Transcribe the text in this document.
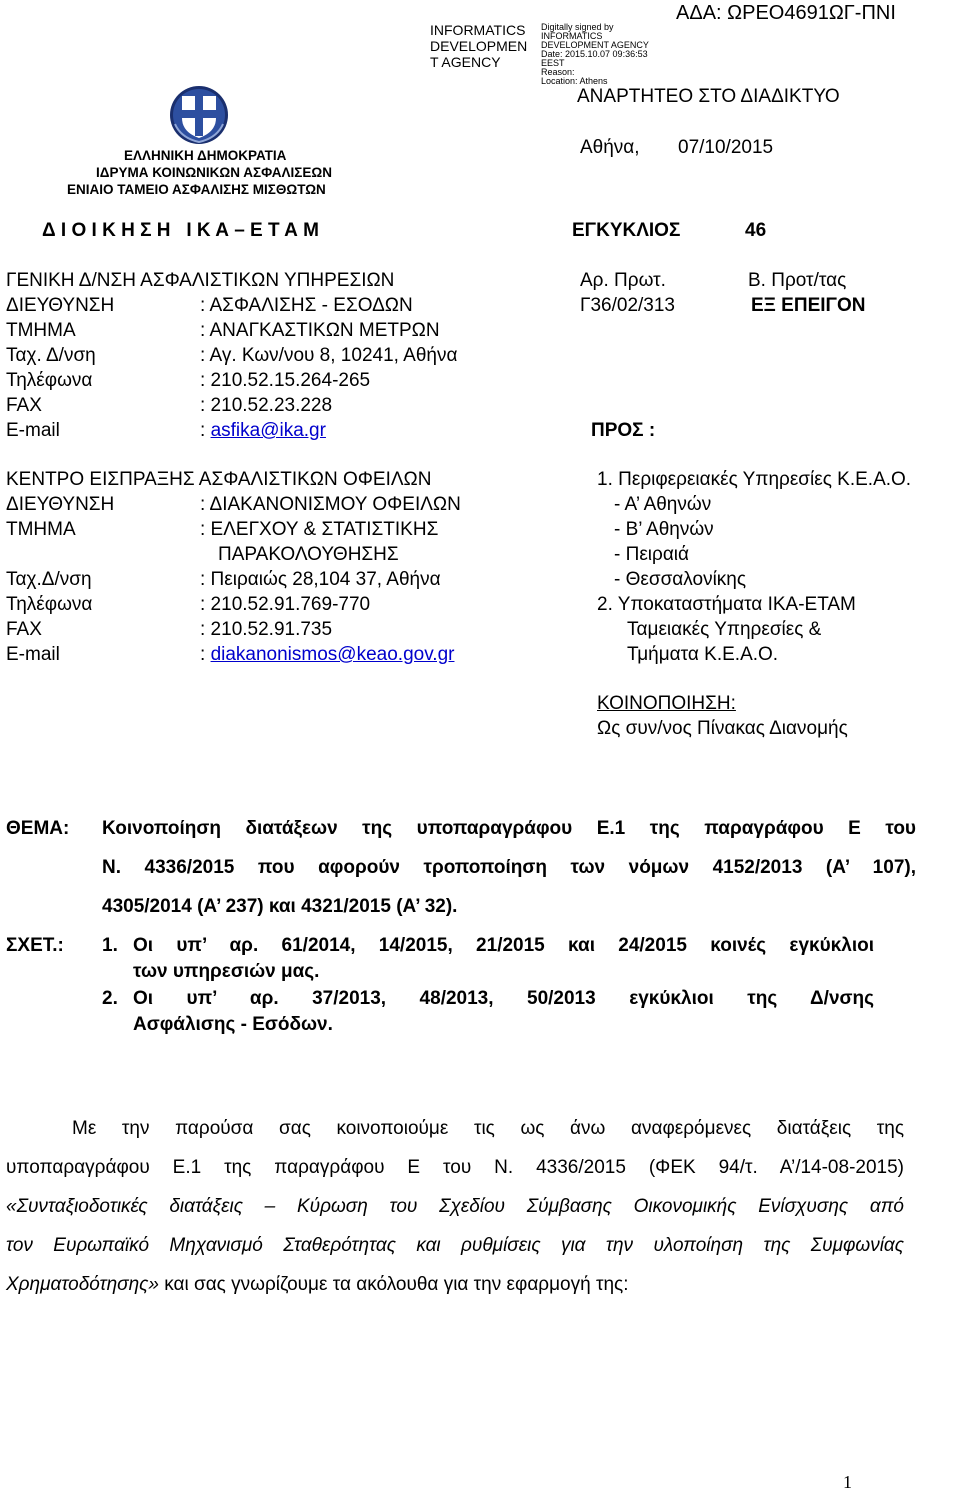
INFORMATICS
DEVELOPMEN
T AGENCY
Digitally signed by
INFORMATICS
DEVELOPMENT AGENCY
Date: 2015.10.07 09:36:53
EEST
Reason:
Location: Athens
ΑΔΑ: ΩΡΕΟ4691ΩΓ-ΠΝΙ
ΑΝΑΡΤΗΤΕΟ ΣΤΟ ΔΙΑΔΙΚΤΥΟ
ΕΛΛΗΝΙΚΗ ΔΗΜΟΚΡΑΤΙΑ
ΙΔΡΥΜΑ ΚΟΙΝΩΝΙΚΩΝ ΑΣΦΑΛΙΣΕΩΝ
ΕΝΙΑΙΟ ΤΑΜΕΙΟ ΑΣΦΑΛΙΣΗΣ ΜΙΣΘΩΤΩΝ
Αθήνα, 07/10/2015
Δ Ι Ο Ι Κ Η Σ Η   Ι Κ Α – Ε Τ Α Μ	ΕΓΚΥΚΛΙΟΣ	46
ΓΕΝΙΚΗ Δ/ΝΣΗ ΑΣΦΑΛΙΣΤΙΚΩΝ ΥΠΗΡΕΣΙΩΝ
ΔΙΕΥΘΥΝΣΗ	: ΑΣΦΑΛΙΣΗΣ - ΕΣΟΔΩΝ
ΤΜΗΜΑ	: ΑΝΑΓΚΑΣΤΙΚΩΝ ΜΕΤΡΩΝ
Ταχ. Δ/νση	: Αγ. Κων/νου 8, 10241, Αθήνα
Τηλέφωνα	: 210.52.15.264-265
FAX	: 210.52.23.228
E-mail	: asfika@ika.gr
Αρ. Πρωτ.	Β. Προτ/τας
Γ36/02/313	ΕΞ ΕΠΕΙΓΟΝ
ΠΡΟΣ :
ΚΕΝΤΡΟ ΕΙΣΠΡΑΞΗΣ ΑΣΦΑΛΙΣΤΙΚΩΝ ΟΦΕΙΛΩΝ
ΔΙΕΥΘΥΝΣΗ	: ΔΙΑΚΑΝΟΝΙΣΜΟΥ ΟΦΕΙΛΩΝ
ΤΜΗΜΑ	: ΕΛΕΓΧΟΥ & ΣΤΑΤΙΣΤΙΚΗΣ
ΠΑΡΑΚΟΛΟΥΘΗΣΗΣ
Ταχ.Δ/νση	: Πειραιώς 28,104 37, Αθήνα
Τηλέφωνα	: 210.52.91.769-770
FAX	: 210.52.91.735
E-mail	: diakanonismos@keao.gov.gr
1. Περιφερειακές Υπηρεσίες Κ.Ε.Α.Ο.
- Α’ Αθηνών
- Β’ Αθηνών
- Πειραιά
- Θεσσαλονίκης
2. Υποκαταστήματα ΙΚΑ-ΕΤΑΜ
Ταμειακές Υπηρεσίες &
Τμήματα Κ.Ε.Α.Ο.
ΚΟΙΝΟΠΟΙΗΣΗ:
Ως συν/νος Πίνακας Διανομής
ΘΕΜΑ: Κοινοποίηση διατάξεων της υποπαραγράφου Ε.1 της παραγράφου Ε του
Ν. 4336/2015 που αφορούν τροποποίηση των νόμων 4152/2013 (Α’ 107),
4305/2014 (Α’ 237) και 4321/2015 (Α’ 32).
ΣΧΕΤ.: 1. Οι υπ’ αρ. 61/2014, 14/2015, 21/2015 και 24/2015 κοινές εγκύκλιοι
των υπηρεσιών μας.
2. Οι υπ’ αρ. 37/2013, 48/2013, 50/2013 εγκύκλιοι της Δ/νσης
Ασφάλισης - Εσόδων.
Με την παρούσα σας κοινοποιούμε τις ως άνω αναφερόμενες διατάξεις της
υποπαραγράφου Ε.1 της παραγράφου Ε του Ν. 4336/2015 (ΦΕΚ 94/τ. Α’/14-08-2015)
«Συνταξιοδοτικές διατάξεις – Κύρωση του Σχεδίου Σύμβασης Οικονομικής Ενίσχυσης από
τον Ευρωπαϊκό Μηχανισμό Σταθερότητας και ρυθμίσεις για την υλοποίηση της Συμφωνίας
Χρηματοδότησης» και σας γνωρίζουμε τα ακόλουθα για την εφαρμογή της:
1
